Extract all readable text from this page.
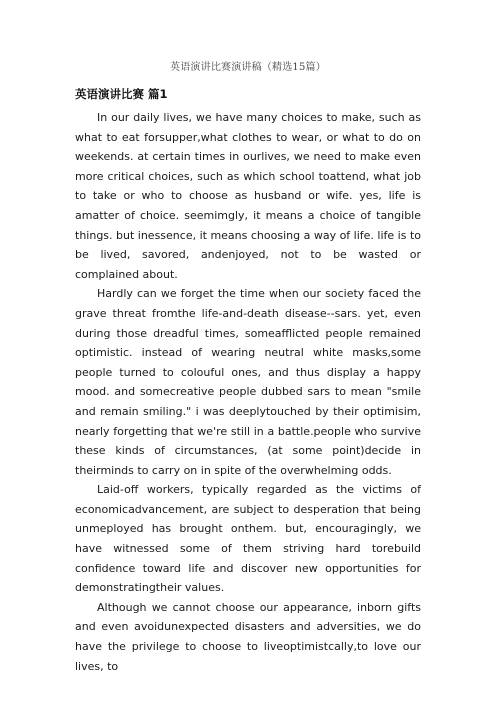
英语演讲比赛演讲稿（精选15篇）
英语演讲比赛 篇1

In our daily lives, we have many choices to make, such as what to eat forsupper,what clothes to wear, or what to do on weekends. at certain times in ourlives, we need to make even more critical choices, such as which school toattend, what job to take or who to choose as husband or wife. yes, life is amatter of choice. seemimgly, it means a choice of tangible things. but inessence, it means choosing a way of life. life is to be lived, savored, andenjoyed, not to be wasted or complained about.

Hardly can we forget the time when our society faced the grave threat fromthe life-and-death disease--sars. yet, even during those dreadful times, someafflicted people remained optimistic. instead of wearing neutral white masks,some people turned to colouful ones, and thus display a happy mood. and somecreative people dubbed sars to mean "smile and remain smiling." i was deeplytouched by their optimisim, nearly forgetting that we're still in a battle.people who survive these kinds of circumstances, (at some point)decide in theirminds to carry on in spite of the overwhelming odds.

Laid-off workers, typically regarded as the victims of economicadvancement, are subject to desperation that being unmeployed has brought onthem. but, encouragingly, we have witnessed some of them striving hard torebuild confidence toward life and discover new opportunities for demonstratingtheir values.

Although we cannot choose our appearance, inborn gifts and even avoidunexpected disasters and adversities, we do have the privilege to choose to liveoptimistcally,to love our lives, to
